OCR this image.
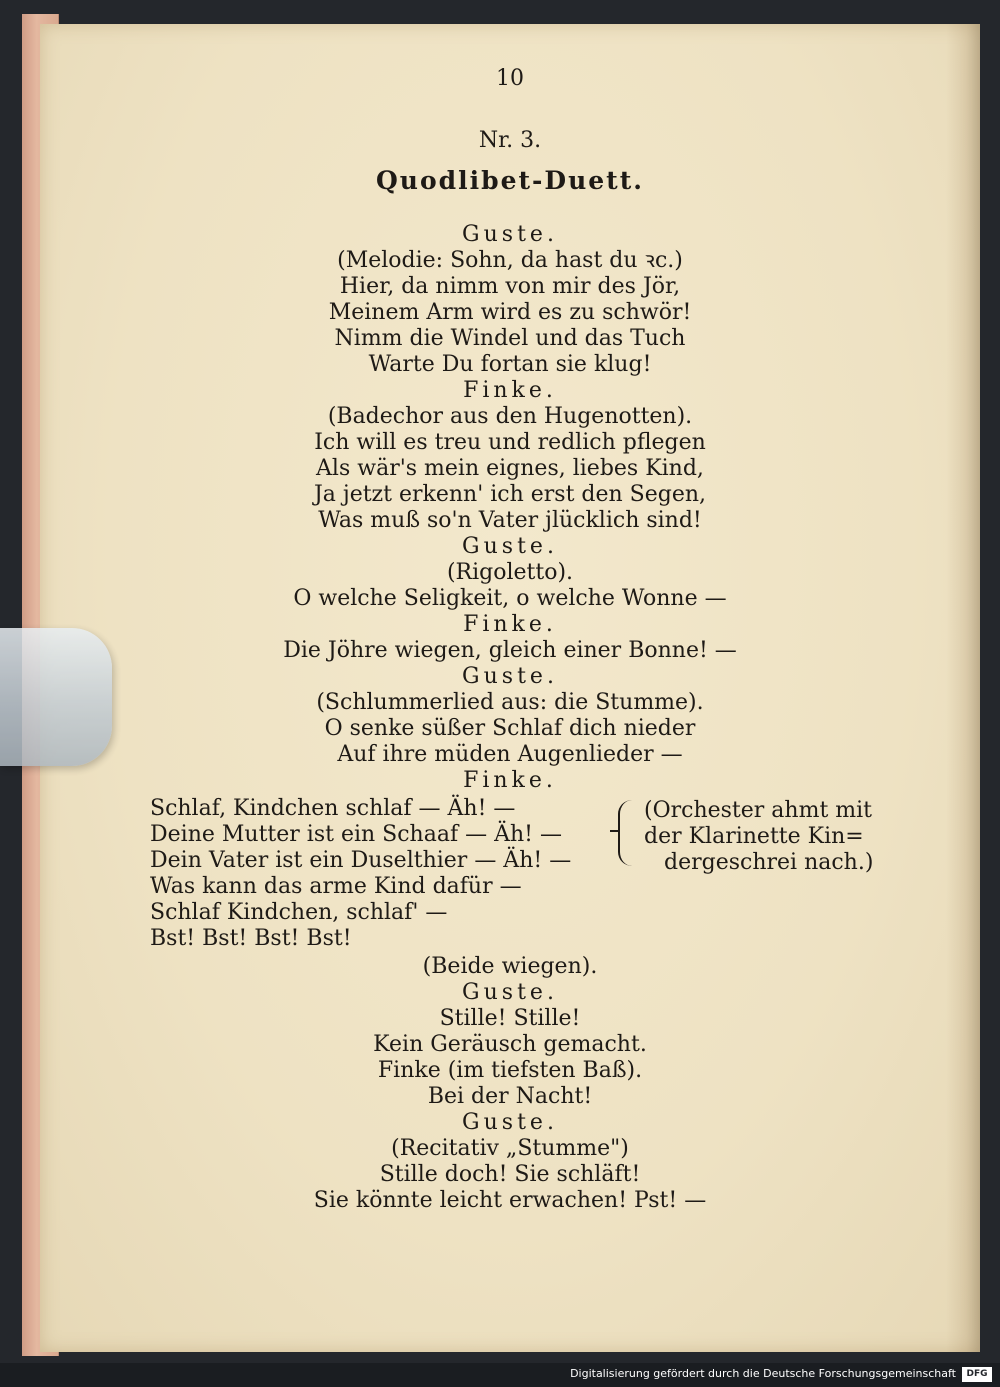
10
Nr. 3.
Quodlibet-Duett.
Guste.
(Melodie: Sohn, da hast du ꝛc.)
Hier, da nimm von mir des Jör,
Meinem Arm wird es zu schwör!
Nimm die Windel und das Tuch
Warte Du fortan sie klug!
Finke.
(Badechor aus den Hugenotten).
Ich will es treu und redlich pflegen
Als wär's mein eignes, liebes Kind,
Ja jetzt erkenn' ich erst den Segen,
Was muß so'n Vater jlücklich sind!
Guste.
(Rigoletto).
O welche Seligkeit, o welche Wonne —
Finke.
Die Jöhre wiegen, gleich einer Bonne! —
Guste.
(Schlummerlied aus: die Stumme).
O senke süßer Schlaf dich nieder
Auf ihre müden Augenlieder —
Finke.
Schlaf, Kindchen schlaf — Äh! —
Deine Mutter ist ein Schaaf — Äh! —
Dein Vater ist ein Duselthier — Äh! —
Was kann das arme Kind dafür —
Schlaf Kindchen, schlaf' —
Bst! Bst! Bst! Bst!
(Orchester ahmt mit
der Klarinette Kin=
dergeschrei nach.)
(Beide wiegen).
Guste.
Stille! Stille!
Kein Geräusch gemacht.
Finke (im tiefsten Baß).
Bei der Nacht!
Guste.
(Recitativ „Stumme")
Stille doch! Sie schläft!
Sie könnte leicht erwachen! Pst! —
Digitalisierung gefördert durch die Deutsche Forschungsgemeinschaft	DFG
